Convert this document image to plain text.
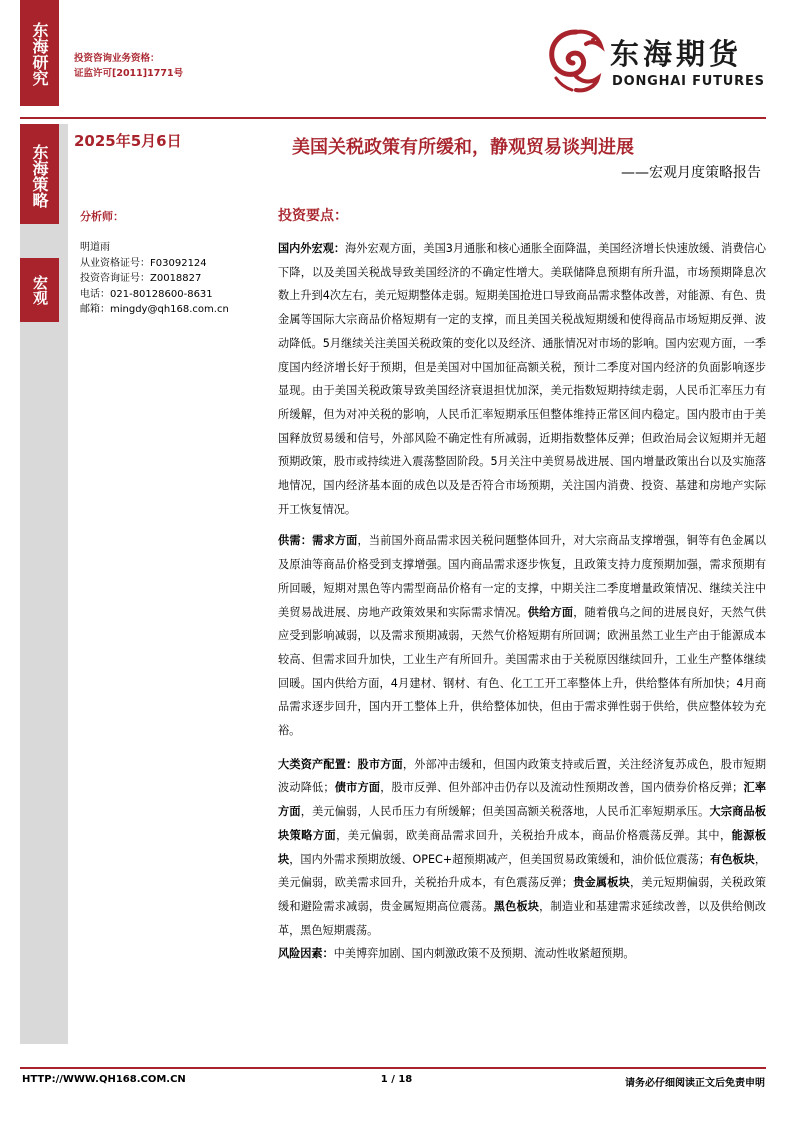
东海研究	投资咨询业务资格：
证监许可[2011]1771号
东海期货
DONGHAI FUTURES
东海策略
宏观
2025年5月6日	美国关税政策有所缓和，静观贸易谈判进展
——宏观月度策略报告
分析师：
明道雨
从业资格证号：F03092124
投资咨询证号：Z0018827
电话：021-80128600-8631
邮箱：mingdy@qh168.com.cn
投资要点：

国内外宏观：海外宏观方面，美国3月通胀和核心通胀全面降温，美国经济增长快速放缓、消费信心下降，以及美国关税战导致美国经济的不确定性增大。美联储降息预期有所升温，市场预期降息次数上升到4次左右，美元短期整体走弱。短期美国抢进口导致商品需求整体改善，对能源、有色、贵金属等国际大宗商品价格短期有一定的支撑，而且美国关税战短期缓和使得商品市场短期反弹、波动降低。5月继续关注美国关税政策的变化以及经济、通胀情况对市场的影响。国内宏观方面，一季度国内经济增长好于预期，但是美国对中国加征高额关税，预计二季度对国内经济的负面影响逐步显现。由于美国关税政策导致美国经济衰退担忧加深，美元指数短期持续走弱，人民币汇率压力有所缓解，但为对冲关税的影响，人民币汇率短期承压但整体维持正常区间内稳定。国内股市由于美国释放贸易缓和信号，外部风险不确定性有所减弱，近期指数整体反弹；但政治局会议短期并无超预期政策，股市或持续进入震荡整固阶段。5月关注中美贸易战进展、国内增量政策出台以及实施落地情况，国内经济基本面的成色以及是否符合市场预期，关注国内消费、投资、基建和房地产实际开工恢复情况。

供需：需求方面，当前国外商品需求因关税问题整体回升，对大宗商品支撑增强，铜等有色金属以及原油等商品价格受到支撑增强。国内商品需求逐步恢复，且政策支持力度预期加强，需求预期有所回暖，短期对黑色等内需型商品价格有一定的支撑，中期关注二季度增量政策情况、继续关注中美贸易战进展、房地产政策效果和实际需求情况。供给方面，随着俄乌之间的进展良好，天然气供应受到影响减弱，以及需求预期减弱，天然气价格短期有所回调；欧洲虽然工业生产由于能源成本较高、但需求回升加快，工业生产有所回升。美国需求由于关税原因继续回升，工业生产整体继续回暖。国内供给方面，4月建材、钢材、有色、化工工开工率整体上升，供给整体有所加快；4月商品需求逐步回升，国内开工整体上升，供给整体加快，但由于需求弹性弱于供给，供应整体较为充裕。

大类资产配置：股市方面，外部冲击缓和，但国内政策支持或后置，关注经济复苏成色，股市短期波动降低；债市方面，股市反弹、但外部冲击仍存以及流动性预期改善，国内债券价格反弹；汇率方面，美元偏弱，人民币压力有所缓解；但美国高额关税落地，人民币汇率短期承压。大宗商品板块策略方面，美元偏弱，欧美商品需求回升，关税抬升成本，商品价格震荡反弹。其中，能源板块，国内外需求预期放缓、OPEC+超预期减产，但美国贸易政策缓和，油价低位震荡；有色板块，美元偏弱，欧美需求回升，关税抬升成本，有色震荡反弹；贵金属板块，美元短期偏弱，关税政策缓和避险需求减弱，贵金属短期高位震荡。黑色板块，制造业和基建需求延续改善，以及供给侧改革，黑色短期震荡。

风险因素：中美博弈加剧、国内刺激政策不及预期、流动性收紧超预期。

HTTP://WWW.QH168.COM.CN	1 / 18	请务必仔细阅读正文后免责申明
